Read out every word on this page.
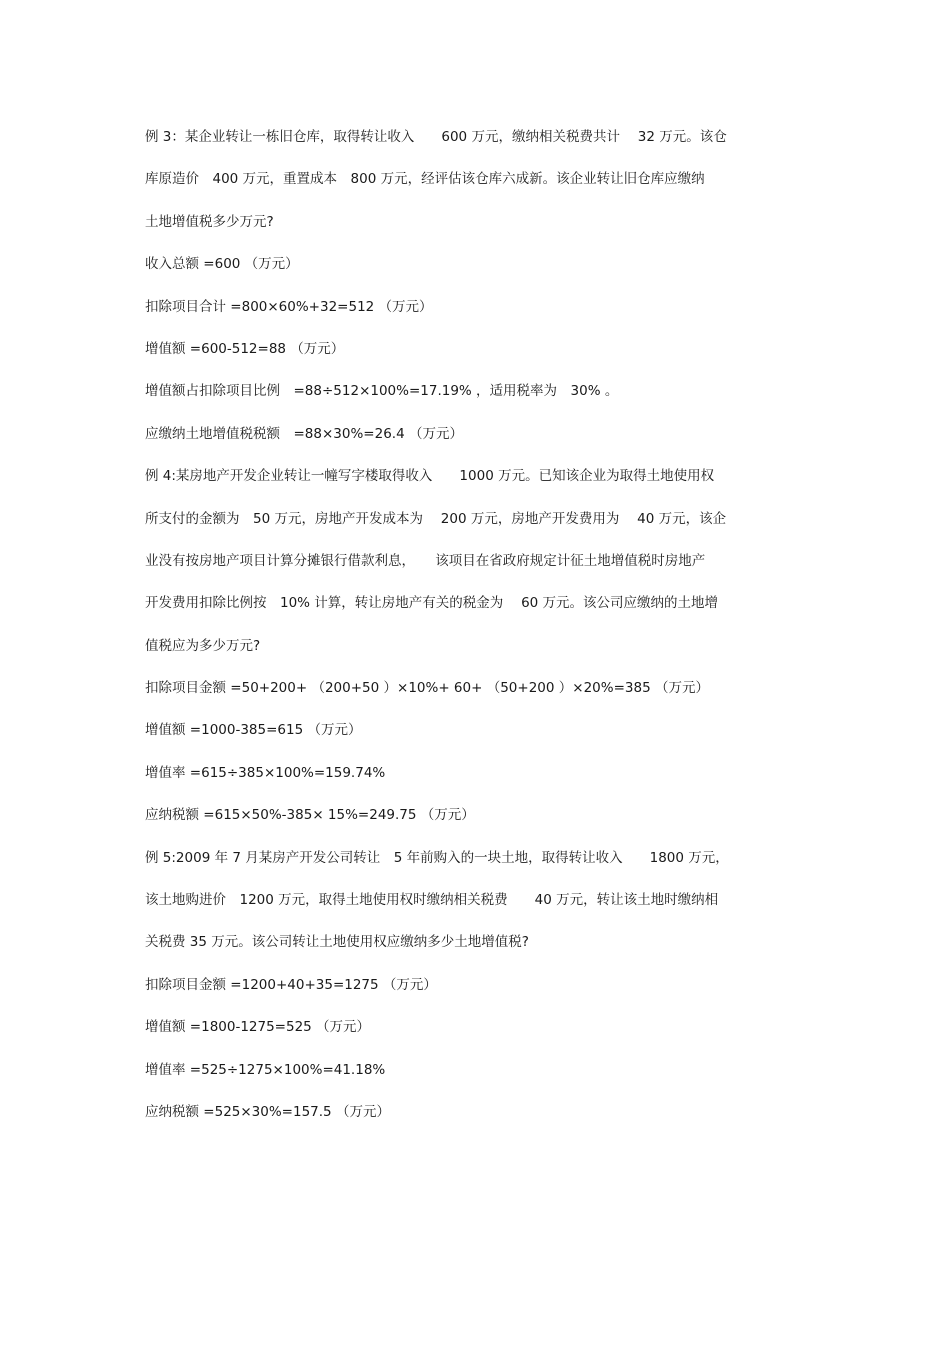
例 3：某企业转让一栋旧仓库，取得转让收入　　600 万元，缴纳相关税费共计　 32 万元。该仓
库原造价　400 万元，重置成本　800 万元，经评估该仓库六成新。该企业转让旧仓库应缴纳
土地增值税多少万元?
收入总额 =600 （万元）
扣除项目合计 =800×60%+32=512 （万元）
增值额 =600-512=88 （万元）
增值额占扣除项目比例　=88÷512×100%=17.19% ，适用税率为　30% 。
应缴纳土地增值税税额　=88×30%=26.4 （万元）
例 4:某房地产开发企业转让一幢写字楼取得收入　　1000 万元。已知该企业为取得土地使用权
所支付的金额为　50 万元，房地产开发成本为　 200 万元，房地产开发费用为　 40 万元，该企
业没有按房地产项目计算分摊银行借款利息，　　该项目在省政府规定计征土地增值税时房地产
开发费用扣除比例按　10% 计算，转让房地产有关的税金为　 60 万元。该公司应缴纳的土地增
值税应为多少万元?
扣除项目金额 =50+200+ （200+50 ）×10%+ 60+ （50+200 ）×20%=385 （万元）
增值额 =1000-385=615 （万元）
增值率 =615÷385×100%=159.74%
应纳税额 =615×50%-385× 15%=249.75 （万元）
例 5:2009 年 7 月某房产开发公司转让　5 年前购入的一块土地，取得转让收入　　1800 万元，
该土地购进价　1200 万元，取得土地使用权时缴纳相关税费　　40 万元，转让该土地时缴纳相
关税费 35 万元。该公司转让土地使用权应缴纳多少土地增值税?
扣除项目金额 =1200+40+35=1275 （万元）
增值额 =1800-1275=525 （万元）
增值率 =525÷1275×100%=41.18%
应纳税额 =525×30%=157.5 （万元）
